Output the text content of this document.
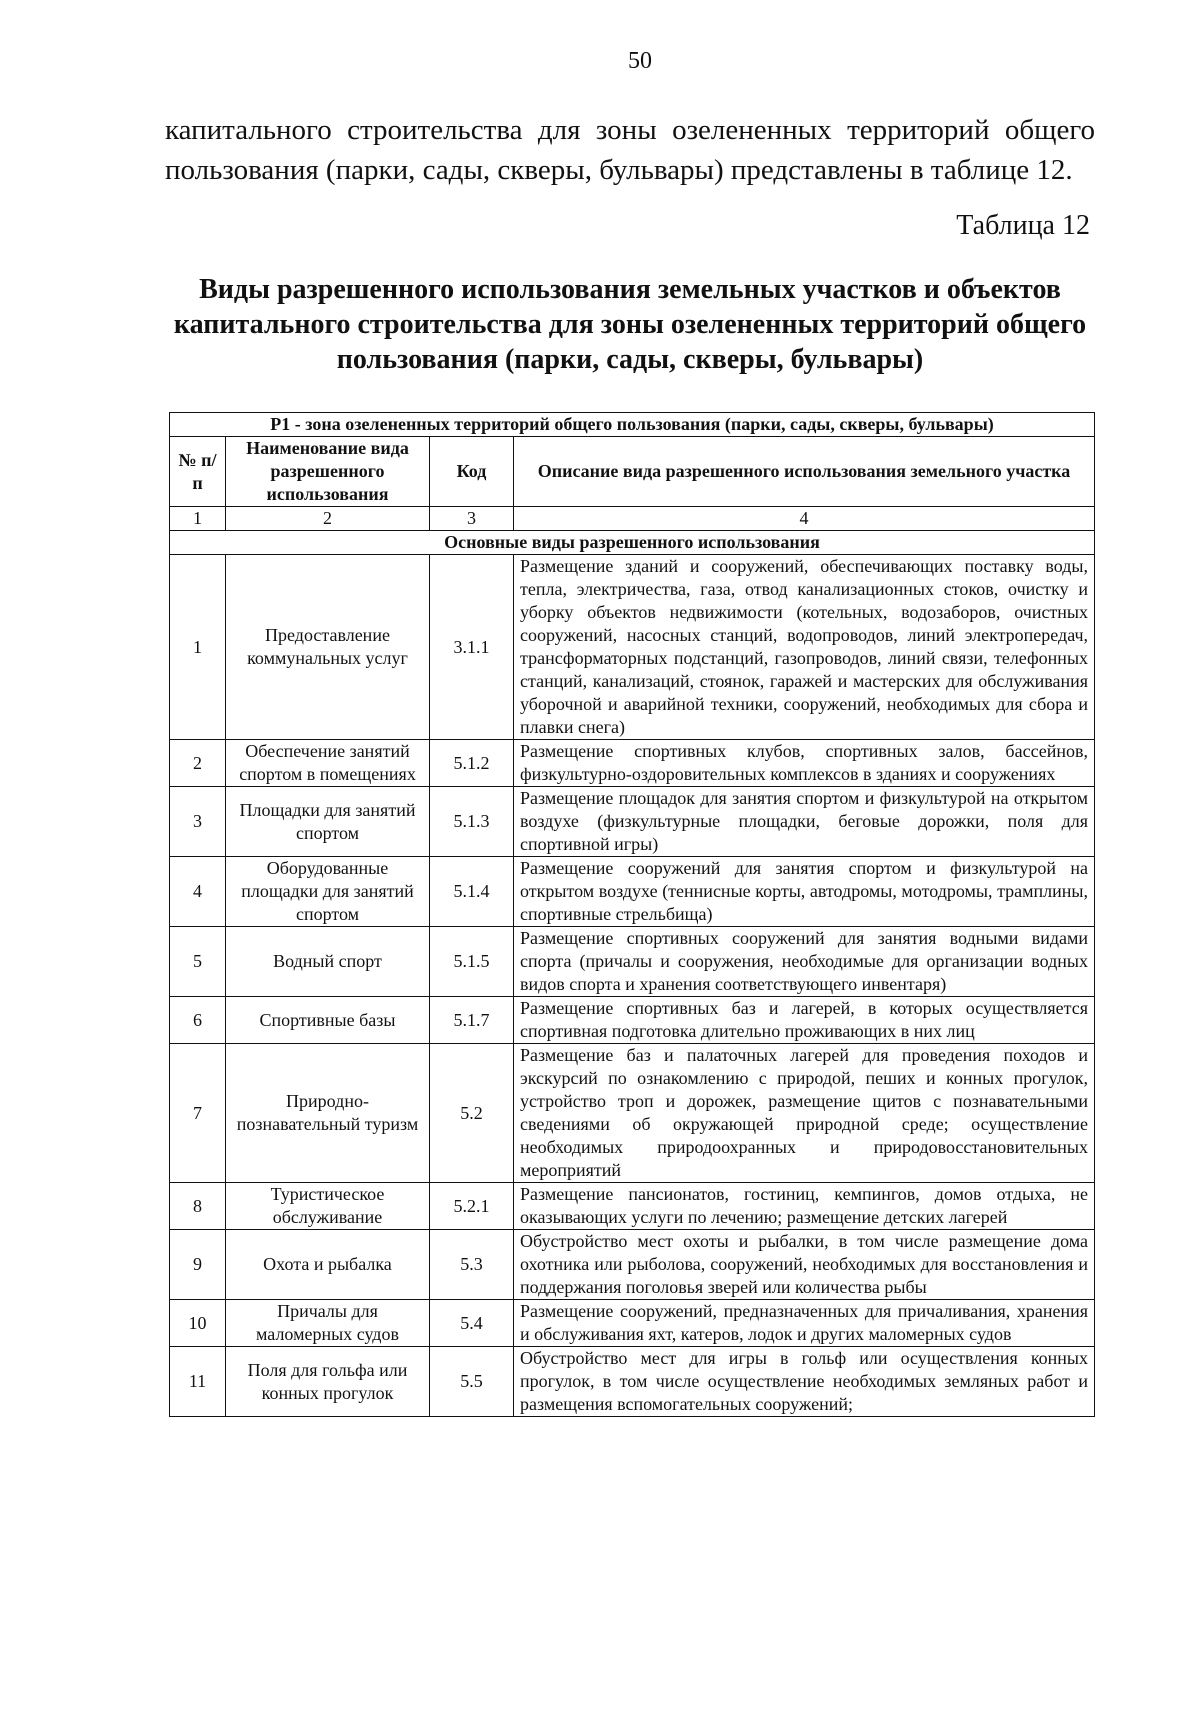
50
капитального строительства для зоны озелененных территорий общего пользования (парки, сады, скверы, бульвары) представлены в таблице 12.
Таблица 12
Виды разрешенного использования земельных участков и объектов капитального строительства для зоны озелененных территорий общего пользования (парки, сады, скверы, бульвары)
Р1 - зона озелененных территорий общего пользования (парки, сады, скверы, бульвары)			
№ п/п	Наименование вида разрешенного использования	Код	Описание вида разрешенного использования земельного участка
1	2	3	4
Основные виды разрешенного использования			
1	Предоставление коммунальных услуг	3.1.1	Размещение зданий и сооружений, обеспечивающих поставку воды, тепла, электричества, газа, отвод канализационных стоков, очистку и уборку объектов недвижимости (котельных, водозаборов, очистных сооружений, насосных станций, водопроводов, линий электропередач, трансформаторных подстанций, газопроводов, линий связи, телефонных станций, канализаций, стоянок, гаражей и мастерских для обслуживания уборочной и аварийной техники, сооружений, необходимых для сбора и плавки снега)
2	Обеспечение занятий спортом в помещениях	5.1.2	Размещение спортивных клубов, спортивных залов, бассейнов, физкультурно-оздоровительных комплексов в зданиях и сооружениях
3	Площадки для занятий спортом	5.1.3	Размещение площадок для занятия спортом и физкультурой на открытом воздухе (физкультурные площадки, беговые дорожки, поля для спортивной игры)
4	Оборудованные площадки для занятий спортом	5.1.4	Размещение сооружений для занятия спортом и физкультурой на открытом воздухе (теннисные корты, автодромы, мотодромы, трамплины, спортивные стрельбища)
5	Водный спорт	5.1.5	Размещение спортивных сооружений для занятия водными видами спорта (причалы и сооружения, необходимые для организации водных видов спорта и хранения соответствующего инвентаря)
6	Спортивные базы	5.1.7	Размещение спортивных баз и лагерей, в которых осуществляется спортивная подготовка длительно проживающих в них лиц
7	Природно-познавательный туризм	5.2	Размещение баз и палаточных лагерей для проведения походов и экскурсий по ознакомлению с природой, пеших и конных прогулок, устройство троп и дорожек, размещение щитов с познавательными сведениями об окружающей природной среде; осуществление необходимых природоохранных и природовосстановительных мероприятий
8	Туристическое обслуживание	5.2.1	Размещение пансионатов, гостиниц, кемпингов, домов отдыха, не оказывающих услуги по лечению; размещение детских лагерей
9	Охота и рыбалка	5.3	Обустройство мест охоты и рыбалки, в том числе размещение дома охотника или рыболова, сооружений, необходимых для восстановления и поддержания поголовья зверей или количества рыбы
10	Причалы для маломерных судов	5.4	Размещение сооружений, предназначенных для причаливания, хранения и обслуживания яхт, катеров, лодок и других маломерных судов
11	Поля для гольфа или конных прогулок	5.5	Обустройство мест для игры в гольф или осуществления конных прогулок, в том числе осуществление необходимых земляных работ и размещения вспомогательных сооружений;
